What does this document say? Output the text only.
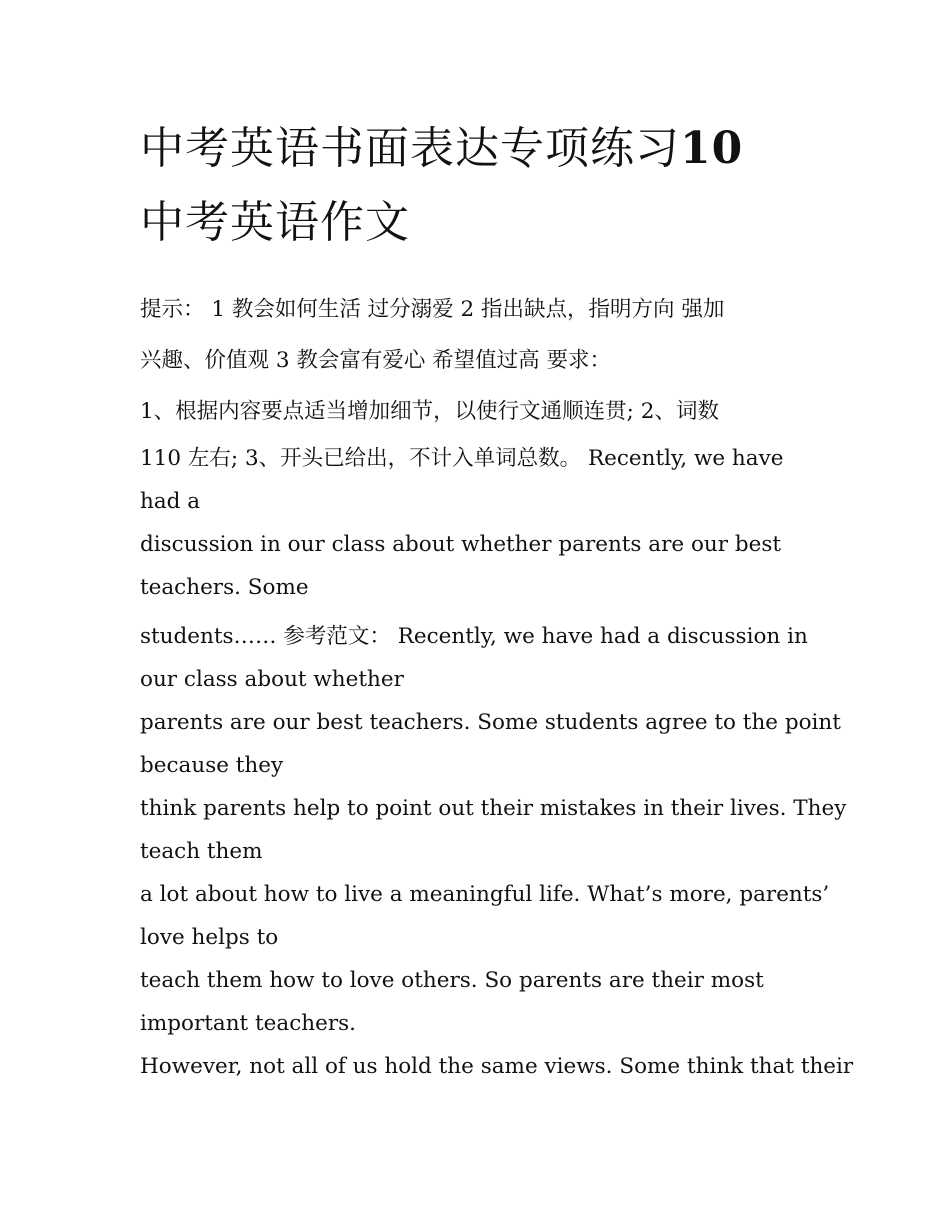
中考英语书面表达专项练习10
中考英语作文
提示： 1 教会如何生活 过分溺爱 2 指出缺点，指明方向 强加
兴趣、价值观 3 教会富有爱心 希望值过高 要求：
1、根据内容要点适当增加细节，以使行文通顺连贯; 2、词数
110 左右; 3、开头已给出，不计入单词总数。 Recently, we have
had a
discussion in our class about whether parents are our best
teachers. Some
students…… 参考范文： Recently, we have had a discussion in
our class about whether
parents are our best teachers. Some students agree to the point
because they
think parents help to point out their mistakes in their lives. They
teach them
a lot about how to live a meaningful life. What’s more, parents’
love helps to
teach them how to love others. So parents are their most
important teachers.
However, not all of us hold the same views. Some think that their
